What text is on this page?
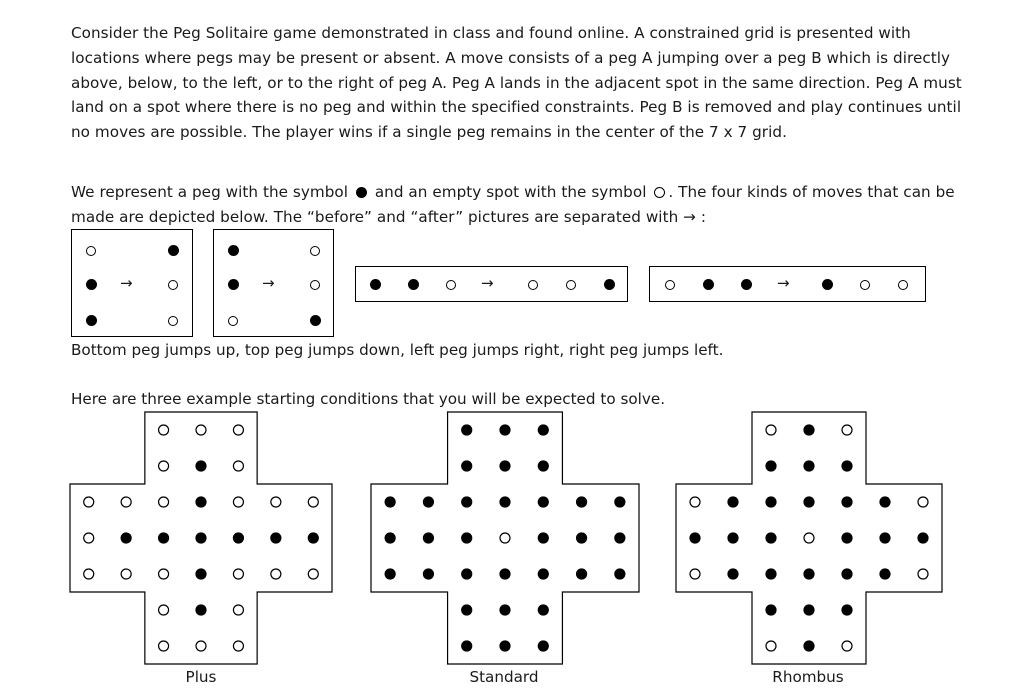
Consider the Peg Solitaire game demonstrated in class and found online. A constrained grid is presented with locations where pegs may be present or absent. A move consists of a peg A jumping over a peg B which is directly above, below, to the left, or to the right of peg A. Peg A lands in the adjacent spot in the same direction. Peg A must land on a spot where there is no peg and within the specified constraints. Peg B is removed and play continues until no moves are possible. The player wins if a single peg remains in the center of the 7 x 7 grid.

We represent a peg with the symbol and an empty spot with the symbol . The four kinds of moves that can be made are depicted below. The “before” and “after” pictures are separated with → :
→	→	→	→
Bottom peg jumps up, top peg jumps down, left peg jumps right, right peg jumps left.
Here are three example starting conditions that you will be expected to solve.
Plus	Standard	Rhombus
